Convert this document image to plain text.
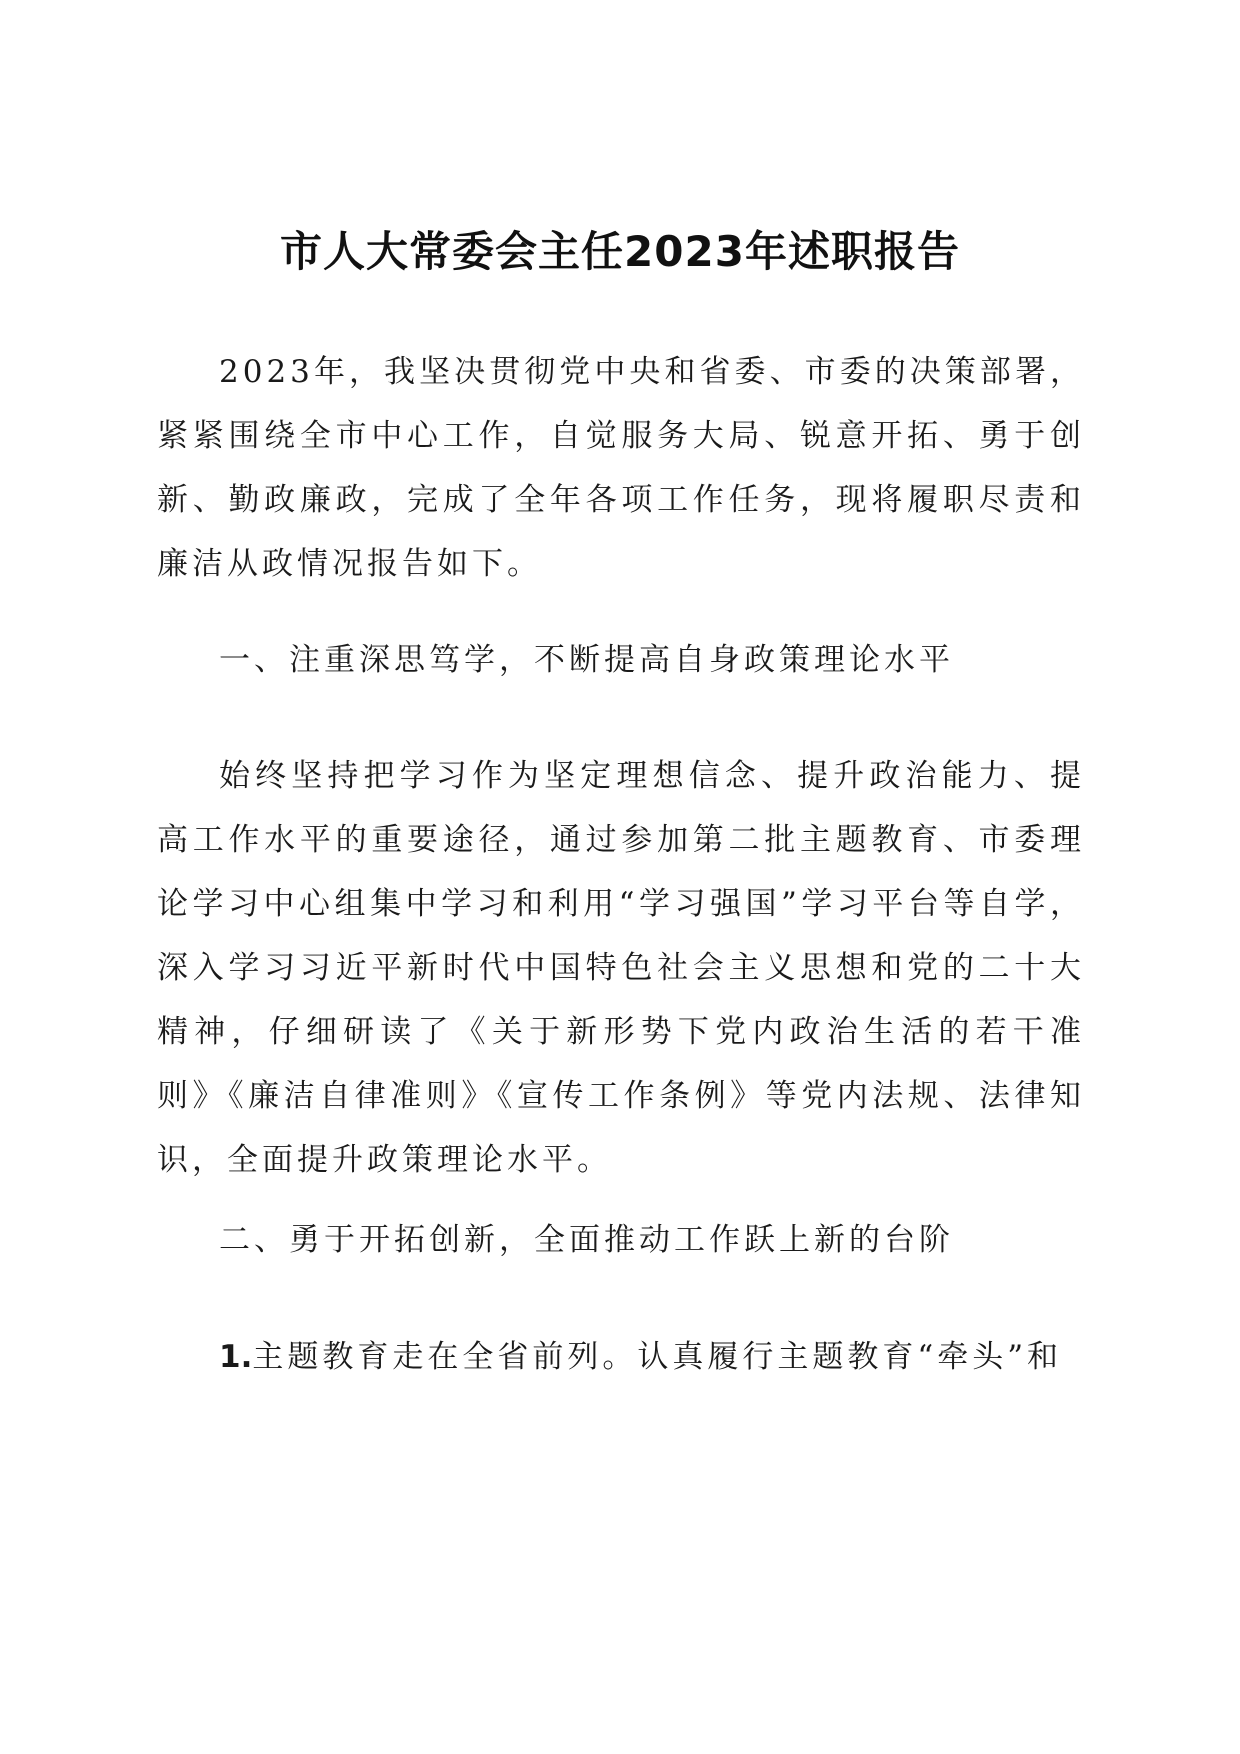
市人大常委会主任2023年述职报告

2023年，我坚决贯彻党中央和省委、市委的决策部署，紧紧围绕全市中心工作，自觉服务大局、锐意开拓、勇于创新、勤政廉政，完成了全年各项工作任务，现将履职尽责和廉洁从政情况报告如下。

一、注重深思笃学，不断提高自身政策理论水平

始终坚持把学习作为坚定理想信念、提升政治能力、提高工作水平的重要途径，通过参加第二批主题教育、市委理论学习中心组集中学习和利用“学习强国”学习平台等自学，深入学习习近平新时代中国特色社会主义思想和党的二十大精神，仔细研读了《关于新形势下党内政治生活的若干准则》《廉洁自律准则》《宣传工作条例》等党内法规、法律知识，全面提升政策理论水平。

二、勇于开拓创新，全面推动工作跃上新的台阶

1.主题教育走在全省前列。认真履行主题教育“牵头”和
